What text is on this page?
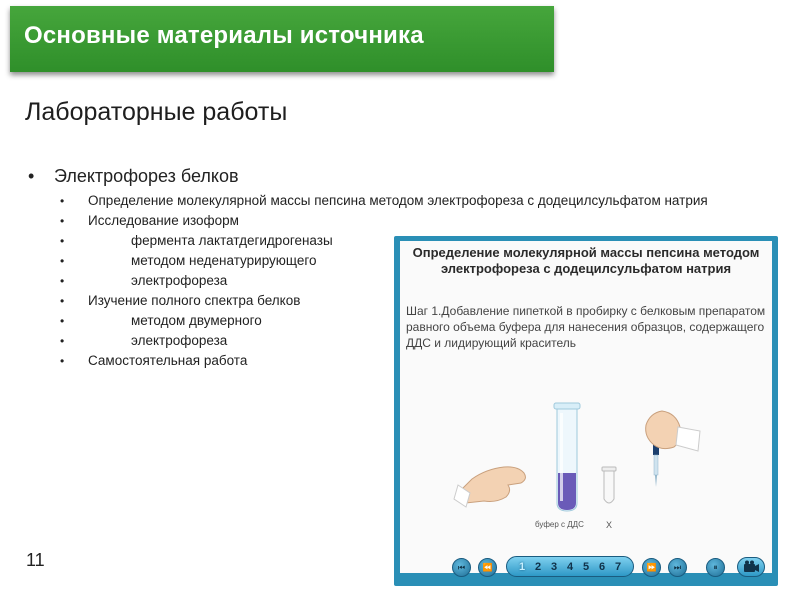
Основные материалы источника
Лабораторные работы
• Электрофорез белков
• Определение молекулярной массы пепсина методом электрофореза с додецилсульфатом натрия
• Исследование изоформ
•	фермента лактатдегидрогеназы
•	методом неденатурирующего
•	электрофореза
• Изучение полного спектра белков
•	методом двумерного
•	электрофореза
• Самостоятельная работа
11
Определение молекулярной массы пепсина методом электрофореза с додецилсульфатом натрия
Шаг 1.Добавление пипеткой в пробирку с белковым препаратом равного объема буфера для нанесения образцов, содержащего ДДС и лидирующий краситель
буфер с ДДС Х
⏮	⏪	1 2 3 4 5 6 7	⏩	⏭	⏸
